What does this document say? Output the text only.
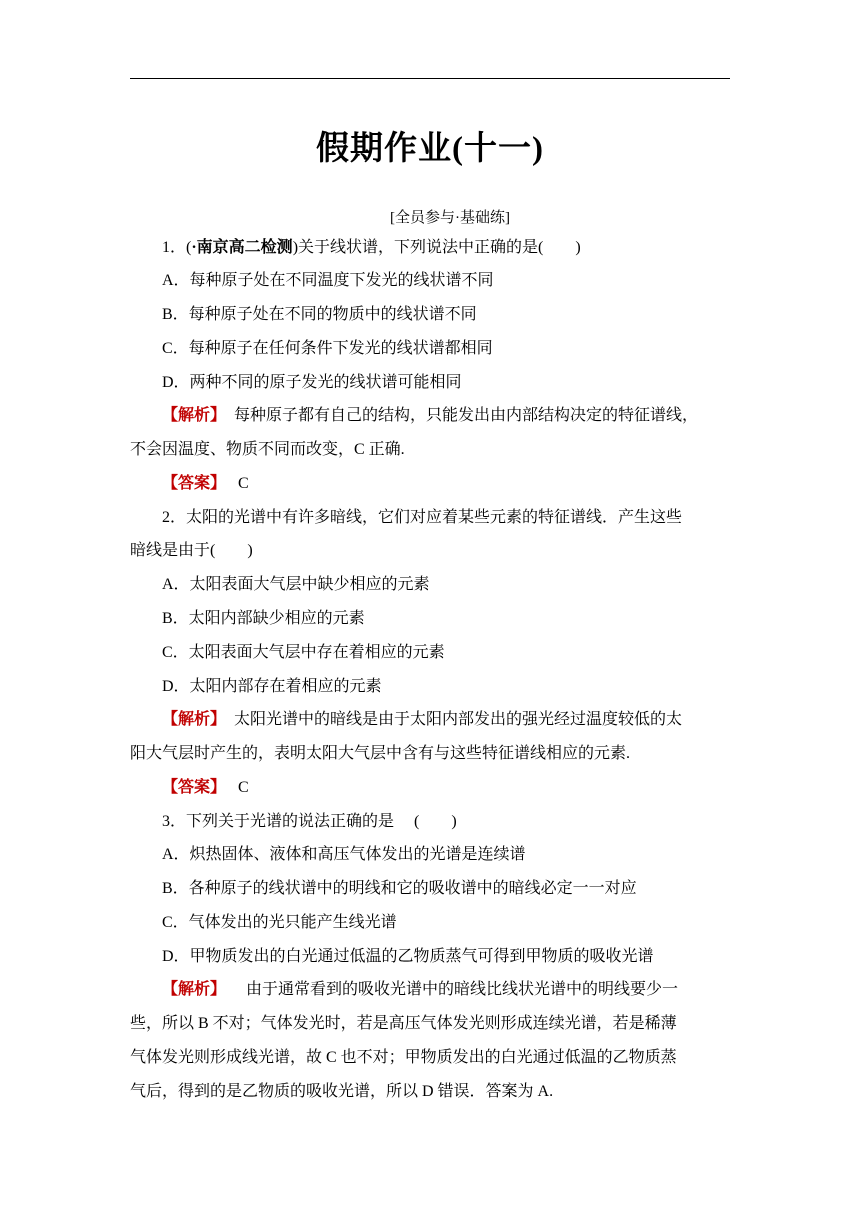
假期作业(十一)
[全员参与·基础练]
1．(·南京高二检测)关于线状谱，下列说法中正确的是(　　)
A．每种原子处在不同温度下发光的线状谱不同
B．每种原子处在不同的物质中的线状谱不同
C．每种原子在任何条件下发光的线状谱都相同
D．两种不同的原子发光的线状谱可能相同
【解析】 每种原子都有自己的结构，只能发出由内部结构决定的特征谱线，
不会因温度、物质不同而改变，C 正确.
【答案】 C
2．太阳的光谱中有许多暗线，它们对应着某些元素的特征谱线．产生这些
暗线是由于(　　)
A．太阳表面大气层中缺少相应的元素
B．太阳内部缺少相应的元素
C．太阳表面大气层中存在着相应的元素
D．太阳内部存在着相应的元素
【解析】 太阳光谱中的暗线是由于太阳内部发出的强光经过温度较低的太
阳大气层时产生的，表明太阳大气层中含有与这些特征谱线相应的元素.
【答案】 C
3．下列关于光谱的说法正确的是　 (　　)
A．炽热固体、液体和高压气体发出的光谱是连续谱
B．各种原子的线状谱中的明线和它的吸收谱中的暗线必定一一对应
C．气体发出的光只能产生线光谱
D．甲物质发出的白光通过低温的乙物质蒸气可得到甲物质的吸收光谱
【解析】 由于通常看到的吸收光谱中的暗线比线状光谱中的明线要少一
些，所以 B 不对；气体发光时，若是高压气体发光则形成连续光谱，若是稀薄
气体发光则形成线光谱，故 C 也不对；甲物质发出的白光通过低温的乙物质蒸
气后，得到的是乙物质的吸收光谱，所以 D 错误．答案为 A.
